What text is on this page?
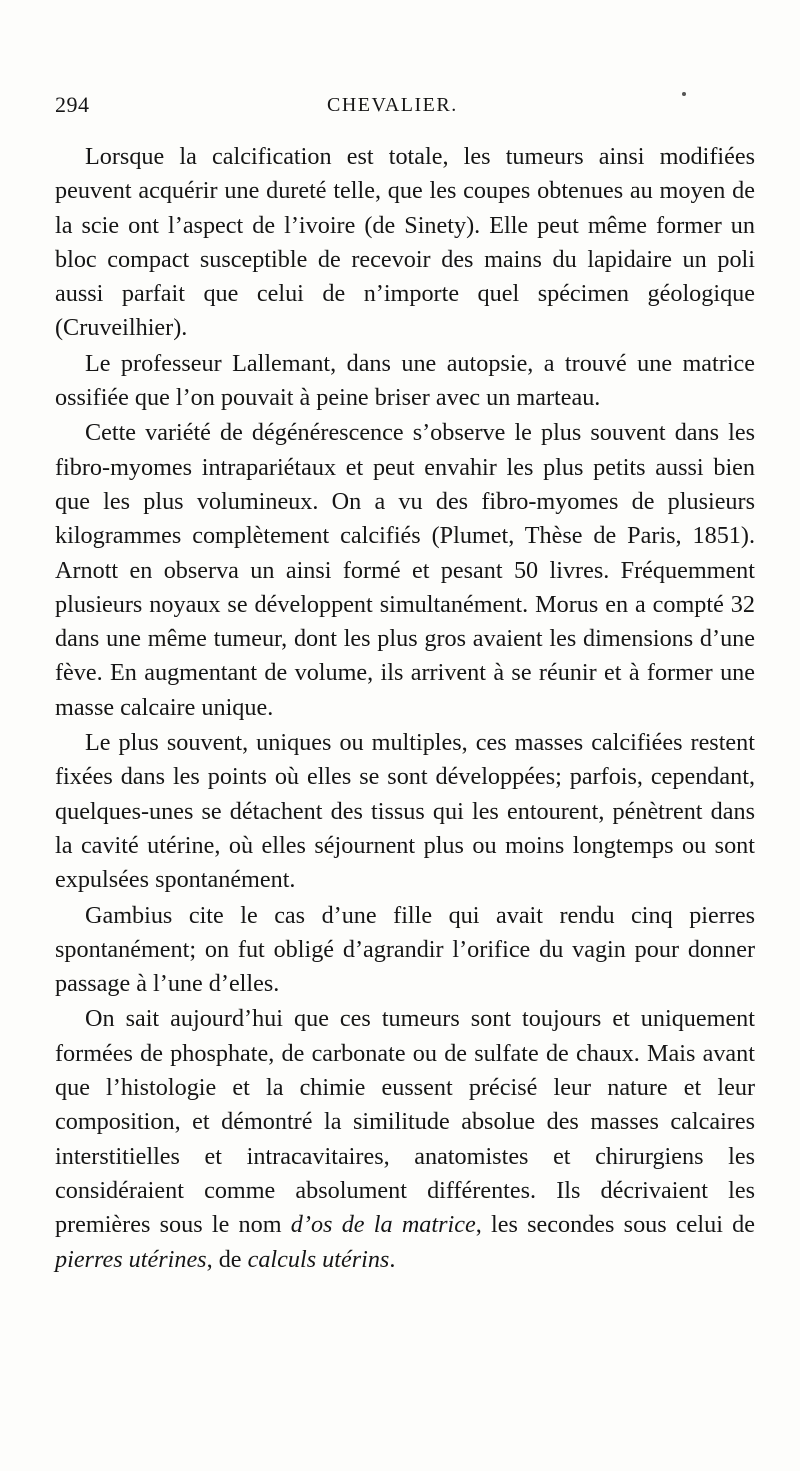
294	CHEVALIER.

Lorsque la calcification est totale, les tumeurs ainsi modifiées peuvent acquérir une dureté telle, que les coupes obtenues au moyen de la scie ont l’aspect de l’ivoire (de Sinety). Elle peut même former un bloc compact susceptible de recevoir des mains du lapidaire un poli aussi parfait que celui de n’importe quel spécimen géologique (Cruveilhier).

Le professeur Lallemant, dans une autopsie, a trouvé une matrice ossifiée que l’on pouvait à peine briser avec un marteau.

Cette variété de dégénérescence s’observe le plus souvent dans les fibro-myomes intrapariétaux et peut envahir les plus petits aussi bien que les plus volumineux. On a vu des fibro-myomes de plusieurs kilogrammes complètement calcifiés (Plumet, Thèse de Paris, 1851). Arnott en observa un ainsi formé et pesant 50 livres. Fréquemment plusieurs noyaux se développent simultanément. Morus en a compté 32 dans une même tumeur, dont les plus gros avaient les dimensions d’une fève. En augmentant de volume, ils arrivent à se réunir et à former une masse calcaire unique.

Le plus souvent, uniques ou multiples, ces masses calcifiées restent fixées dans les points où elles se sont développées; parfois, cependant, quelques-unes se détachent des tissus qui les entourent, pénètrent dans la cavité utérine, où elles séjournent plus ou moins longtemps ou sont expulsées spontanément.

Gambius cite le cas d’une fille qui avait rendu cinq pierres spontanément; on fut obligé d’agrandir l’orifice du vagin pour donner passage à l’une d’elles.

On sait aujourd’hui que ces tumeurs sont toujours et uniquement formées de phosphate, de carbonate ou de sulfate de chaux. Mais avant que l’histologie et la chimie eussent précisé leur nature et leur composition, et démontré la similitude absolue des masses calcaires interstitielles et intracavitaires, anatomistes et chirurgiens les considéraient comme absolument différentes. Ils décrivaient les premières sous le nom d’os de la matrice, les secondes sous celui de pierres utérines, de calculs utérins.
